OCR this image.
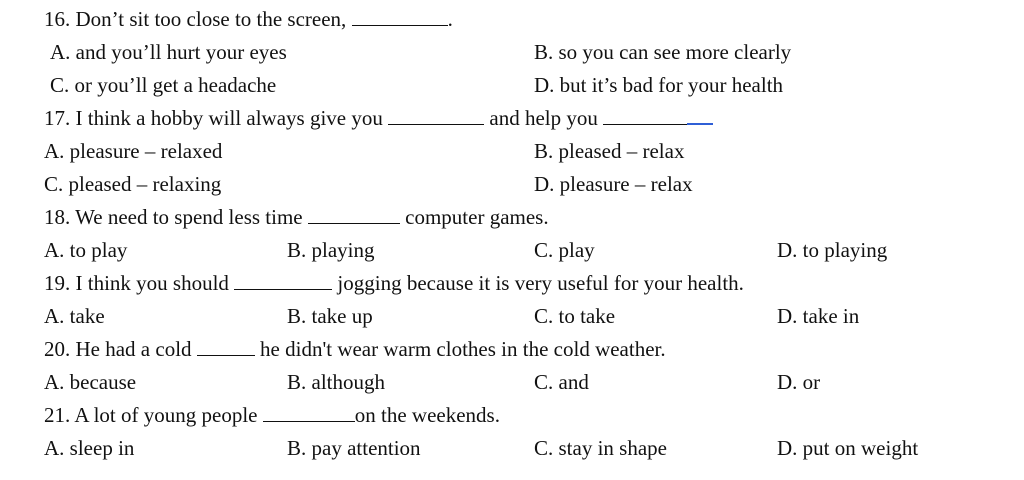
16. Don’t sit too close to the screen,	.
A. and you’ll hurt your eyes	B. so you can see more clearly
C. or you’ll get a headache	D. but it’s bad for your health
17. I think a hobby will always give you	and help you
A. pleasure – relaxed	B. pleased – relax
C. pleased – relaxing	D. pleasure – relax
18. We need to spend less time	computer games.
A. to play	B. playing	C. play	D. to playing
19. I think you should	jogging because it is very useful for your health.
A. take	B. take up	C. to take	D. take in
20. He had a cold	he didn't wear warm clothes in the cold weather.
A. because	B. although	C. and	D. or
21. A lot of young people	on the weekends.
A. sleep in	B. pay attention	C. stay in shape	D. put on weight
